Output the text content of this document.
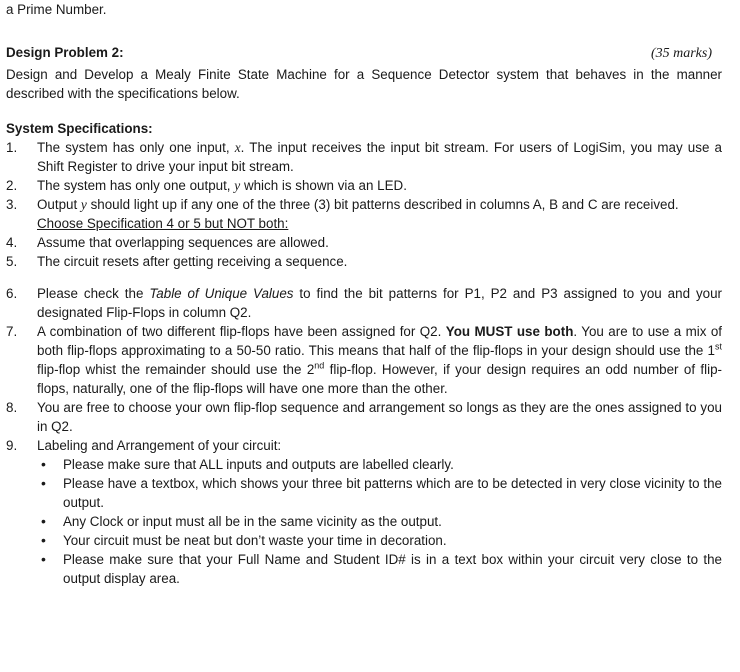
a Prime Number.
Design Problem 2:	(35 marks)
Design and Develop a Mealy Finite State Machine for a Sequence Detector system that behaves in the manner described with the specifications below.
System Specifications:
1. The system has only one input, x. The input receives the input bit stream. For users of LogiSim, you may use a Shift Register to drive your input bit stream.
2. The system has only one output, y which is shown via an LED.
3. Output y should light up if any one of the three (3) bit patterns described in columns A, B and C are received.
Choose Specification 4 or 5 but NOT both:
4. Assume that overlapping sequences are allowed.
5. The circuit resets after getting receiving a sequence.
6. Please check the Table of Unique Values to find the bit patterns for P1, P2 and P3 assigned to you and your designated Flip-Flops in column Q2.
7. A combination of two different flip-flops have been assigned for Q2. You MUST use both. You are to use a mix of both flip-flops approximating to a 50-50 ratio. This means that half of the flip-flops in your design should use the 1st flip-flop whist the remainder should use the 2nd flip-flop. However, if your design requires an odd number of flip-flops, naturally, one of the flip-flops will have one more than the other.
8. You are free to choose your own flip-flop sequence and arrangement so longs as they are the ones assigned to you in Q2.
9. Labeling and Arrangement of your circuit:
• Please make sure that ALL inputs and outputs are labelled clearly.
• Please have a textbox, which shows your three bit patterns which are to be detected in very close vicinity to the output.
• Any Clock or input must all be in the same vicinity as the output.
• Your circuit must be neat but don’t waste your time in decoration.
• Please make sure that your Full Name and Student ID# is in a text box within your circuit very close to the output display area.
